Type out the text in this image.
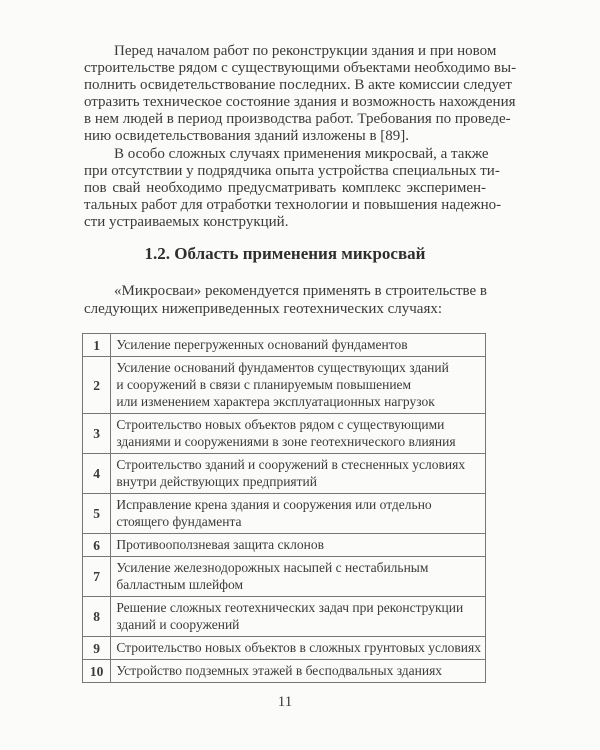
Перед началом работ по реконструкции здания и при новом
строительстве рядом с существующими объектами необходимо вы-
полнить освидетельствование последних. В акте комиссии следует
отразить техническое состояние здания и возможность нахождения
в нем людей в период производства работ. Требования по проведе-
нию освидетельствования зданий изложены в [89].
В особо сложных случаях применения микросвай, а также
при отсутствии у подрядчика опыта устройства специальных ти-
пов свай необходимо предусматривать комплекс эксперимен-
тальных работ для отработки технологии и повышения надежно-
сти устраиваемых конструкций.
1.2. Область применения микросвай
«Микросваи» рекомендуется применять в строительстве в
следующих нижеприведенных геотехнических случаях:
1	Усиление перегруженных оснований фундаментов

2	Усиление оснований фундаментов существующих зданий
и сооружений в связи с планируемым повышением
или изменением характера эксплуатационных нагрузок

3	Строительство новых объектов рядом с существующими
зданиями и сооружениями в зоне геотехнического влияния

4	Строительство зданий и сооружений в стесненных условиях
внутри действующих предприятий

5	Исправление крена здания и сооружения или отдельно
стоящего фундамента

6	Противооползневая защита склонов

7	Усиление железнодорожных насыпей с нестабильным
балластным шлейфом

8	Решение сложных геотехнических задач при реконструкции
зданий и сооружений

9	Строительство новых объектов в сложных грунтовых условиях

10	Устройство подземных этажей в бесподвальных зданиях
11
